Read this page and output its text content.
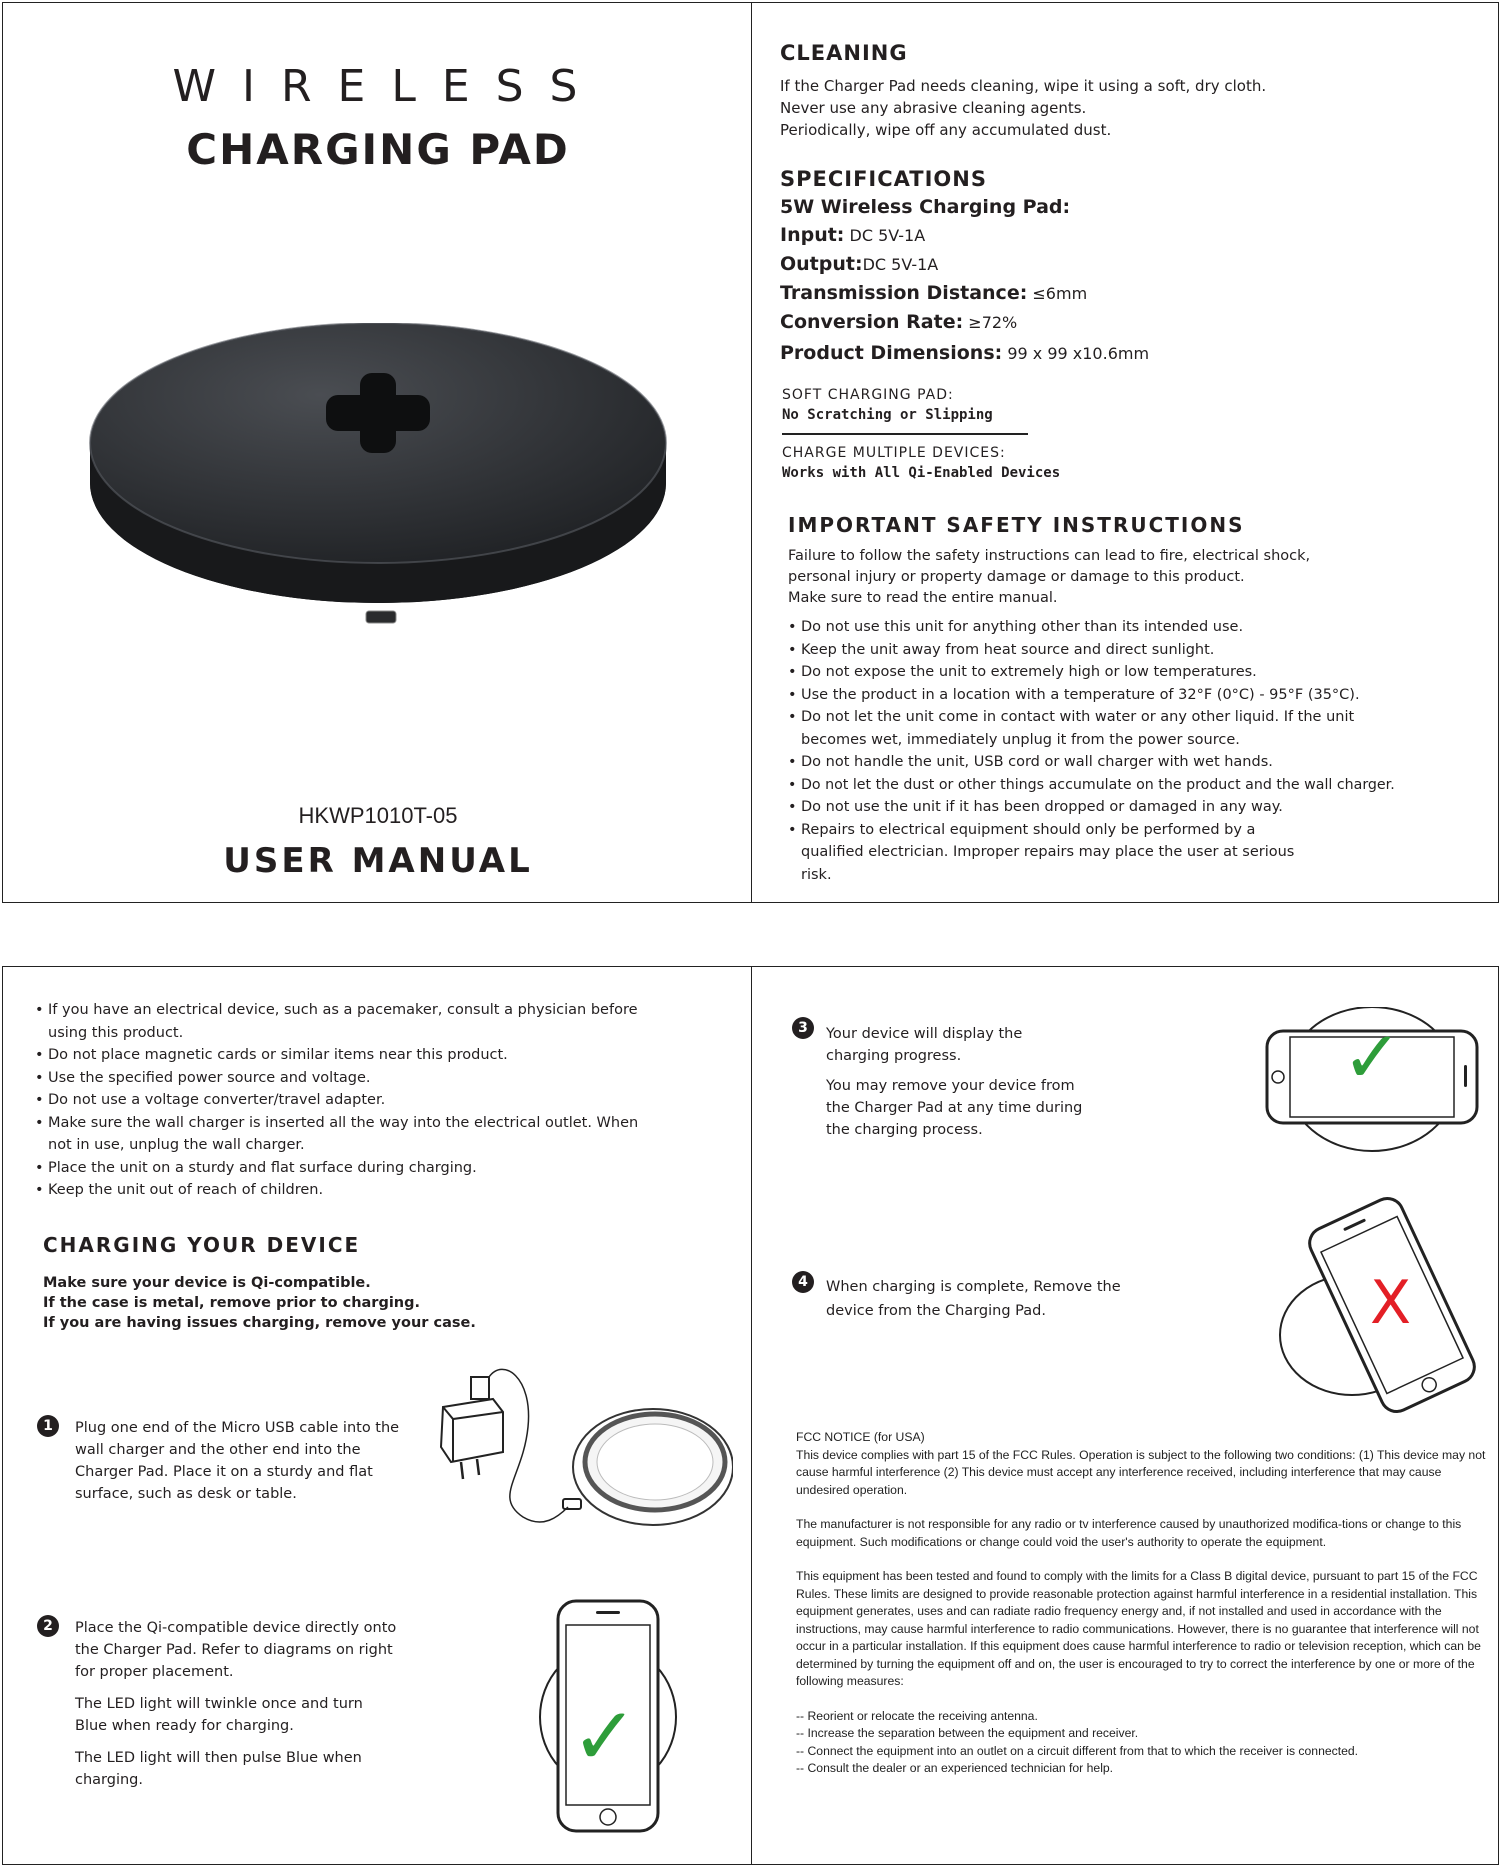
W I R E L E S S
CHARGING PAD
HKWP1010T-05
USER MANUAL
CLEANING
If the Charger Pad needs cleaning, wipe it using a soft, dry cloth.
Never use any abrasive cleaning agents.
Periodically, wipe off any accumulated dust.
SPECIFICATIONS
5W Wireless Charging Pad:
Input: DC 5V-1A
Output:DC 5V-1A
Transmission Distance: ≤6mm
Conversion Rate: ≥72%
Product Dimensions: 99 x 99 x10.6mm
SOFT CHARGING PAD:
No Scratching or Slipping
CHARGE MULTIPLE DEVICES:
Works with All Qi-Enabled Devices
IMPORTANT SAFETY INSTRUCTIONS
Failure to follow the safety instructions can lead to fire, electrical shock,
personal injury or property damage or damage to this product.
Make sure to read the entire manual.
• Do not use this unit for anything other than its intended use.
• Keep the unit away from heat source and direct sunlight.
• Do not expose the unit to extremely high or low temperatures.
• Use the product in a location with a temperature of 32°F (0°C) - 95°F (35°C).
• Do not let the unit come in contact with water or any other liquid. If the unit becomes wet, immediately unplug it from the power source.
• Do not handle the unit, USB cord or wall charger with wet hands.
• Do not let the dust or other things accumulate on the product and the wall charger.
• Do not use the unit if it has been dropped or damaged in any way.
• Repairs to electrical equipment should only be performed by a qualified electrician. Improper repairs may place the user at serious risk.
• If you have an electrical device, such as a pacemaker, consult a physician before using this product.
• Do not place magnetic cards or similar items near this product.
• Use the specified power source and voltage.
• Do not use a voltage converter/travel adapter.
• Make sure the wall charger is inserted all the way into the electrical outlet. When not in use, unplug the wall charger.
• Place the unit on a sturdy and flat surface during charging.
• Keep the unit out of reach of children.
CHARGING YOUR DEVICE
Make sure your device is Qi-compatible.
If the case is metal, remove prior to charging.
If you are having issues charging, remove your case.
1	Plug one end of the Micro USB cable into the wall charger and the other end into the Charger Pad. Place it on a sturdy and flat surface, such as desk or table.
2	Place the Qi-compatible device directly onto the Charger Pad. Refer to diagrams on right for proper placement.
The LED light will twinkle once and turn Blue when ready for charging.
The LED light will then pulse Blue when charging.	✓
3	Your device will display the charging progress.
You may remove your device from the Charger Pad at any time during the charging process.
✓
4	When charging is complete, Remove the device from the Charging Pad.	X
FCC NOTICE (for USA)

This device complies with part 15 of the FCC Rules. Operation is subject to the following two conditions: (1) This device may not cause harmful interference (2) This device must accept any interference received, including interference that may cause undesired operation.

The manufacturer is not responsible for any radio or tv interference caused by unauthorized modifica-tions or change to this equipment. Such modifications or change could void the user's authority to operate the equipment.

This equipment has been tested and found to comply with the limits for a Class B digital device, pursuant to part 15 of the FCC Rules. These limits are designed to provide reasonable protection against harmful interference in a residential installation. This equipment generates, uses and can radiate radio frequency energy and, if not installed and used in accordance with the instructions, may cause harmful interference to radio communications. However, there is no guarantee that interference will not occur in a particular installation. If this equipment does cause harmful interference to radio or television reception, which can be determined by turning the equipment off and on, the user is encouraged to try to correct the interference by one or more of the following measures:

-- Reorient or relocate the receiving antenna.
-- Increase the separation between the equipment and receiver.
-- Connect the equipment into an outlet on a circuit different from that to which the receiver is connected.
-- Consult the dealer or an experienced technician for help.
